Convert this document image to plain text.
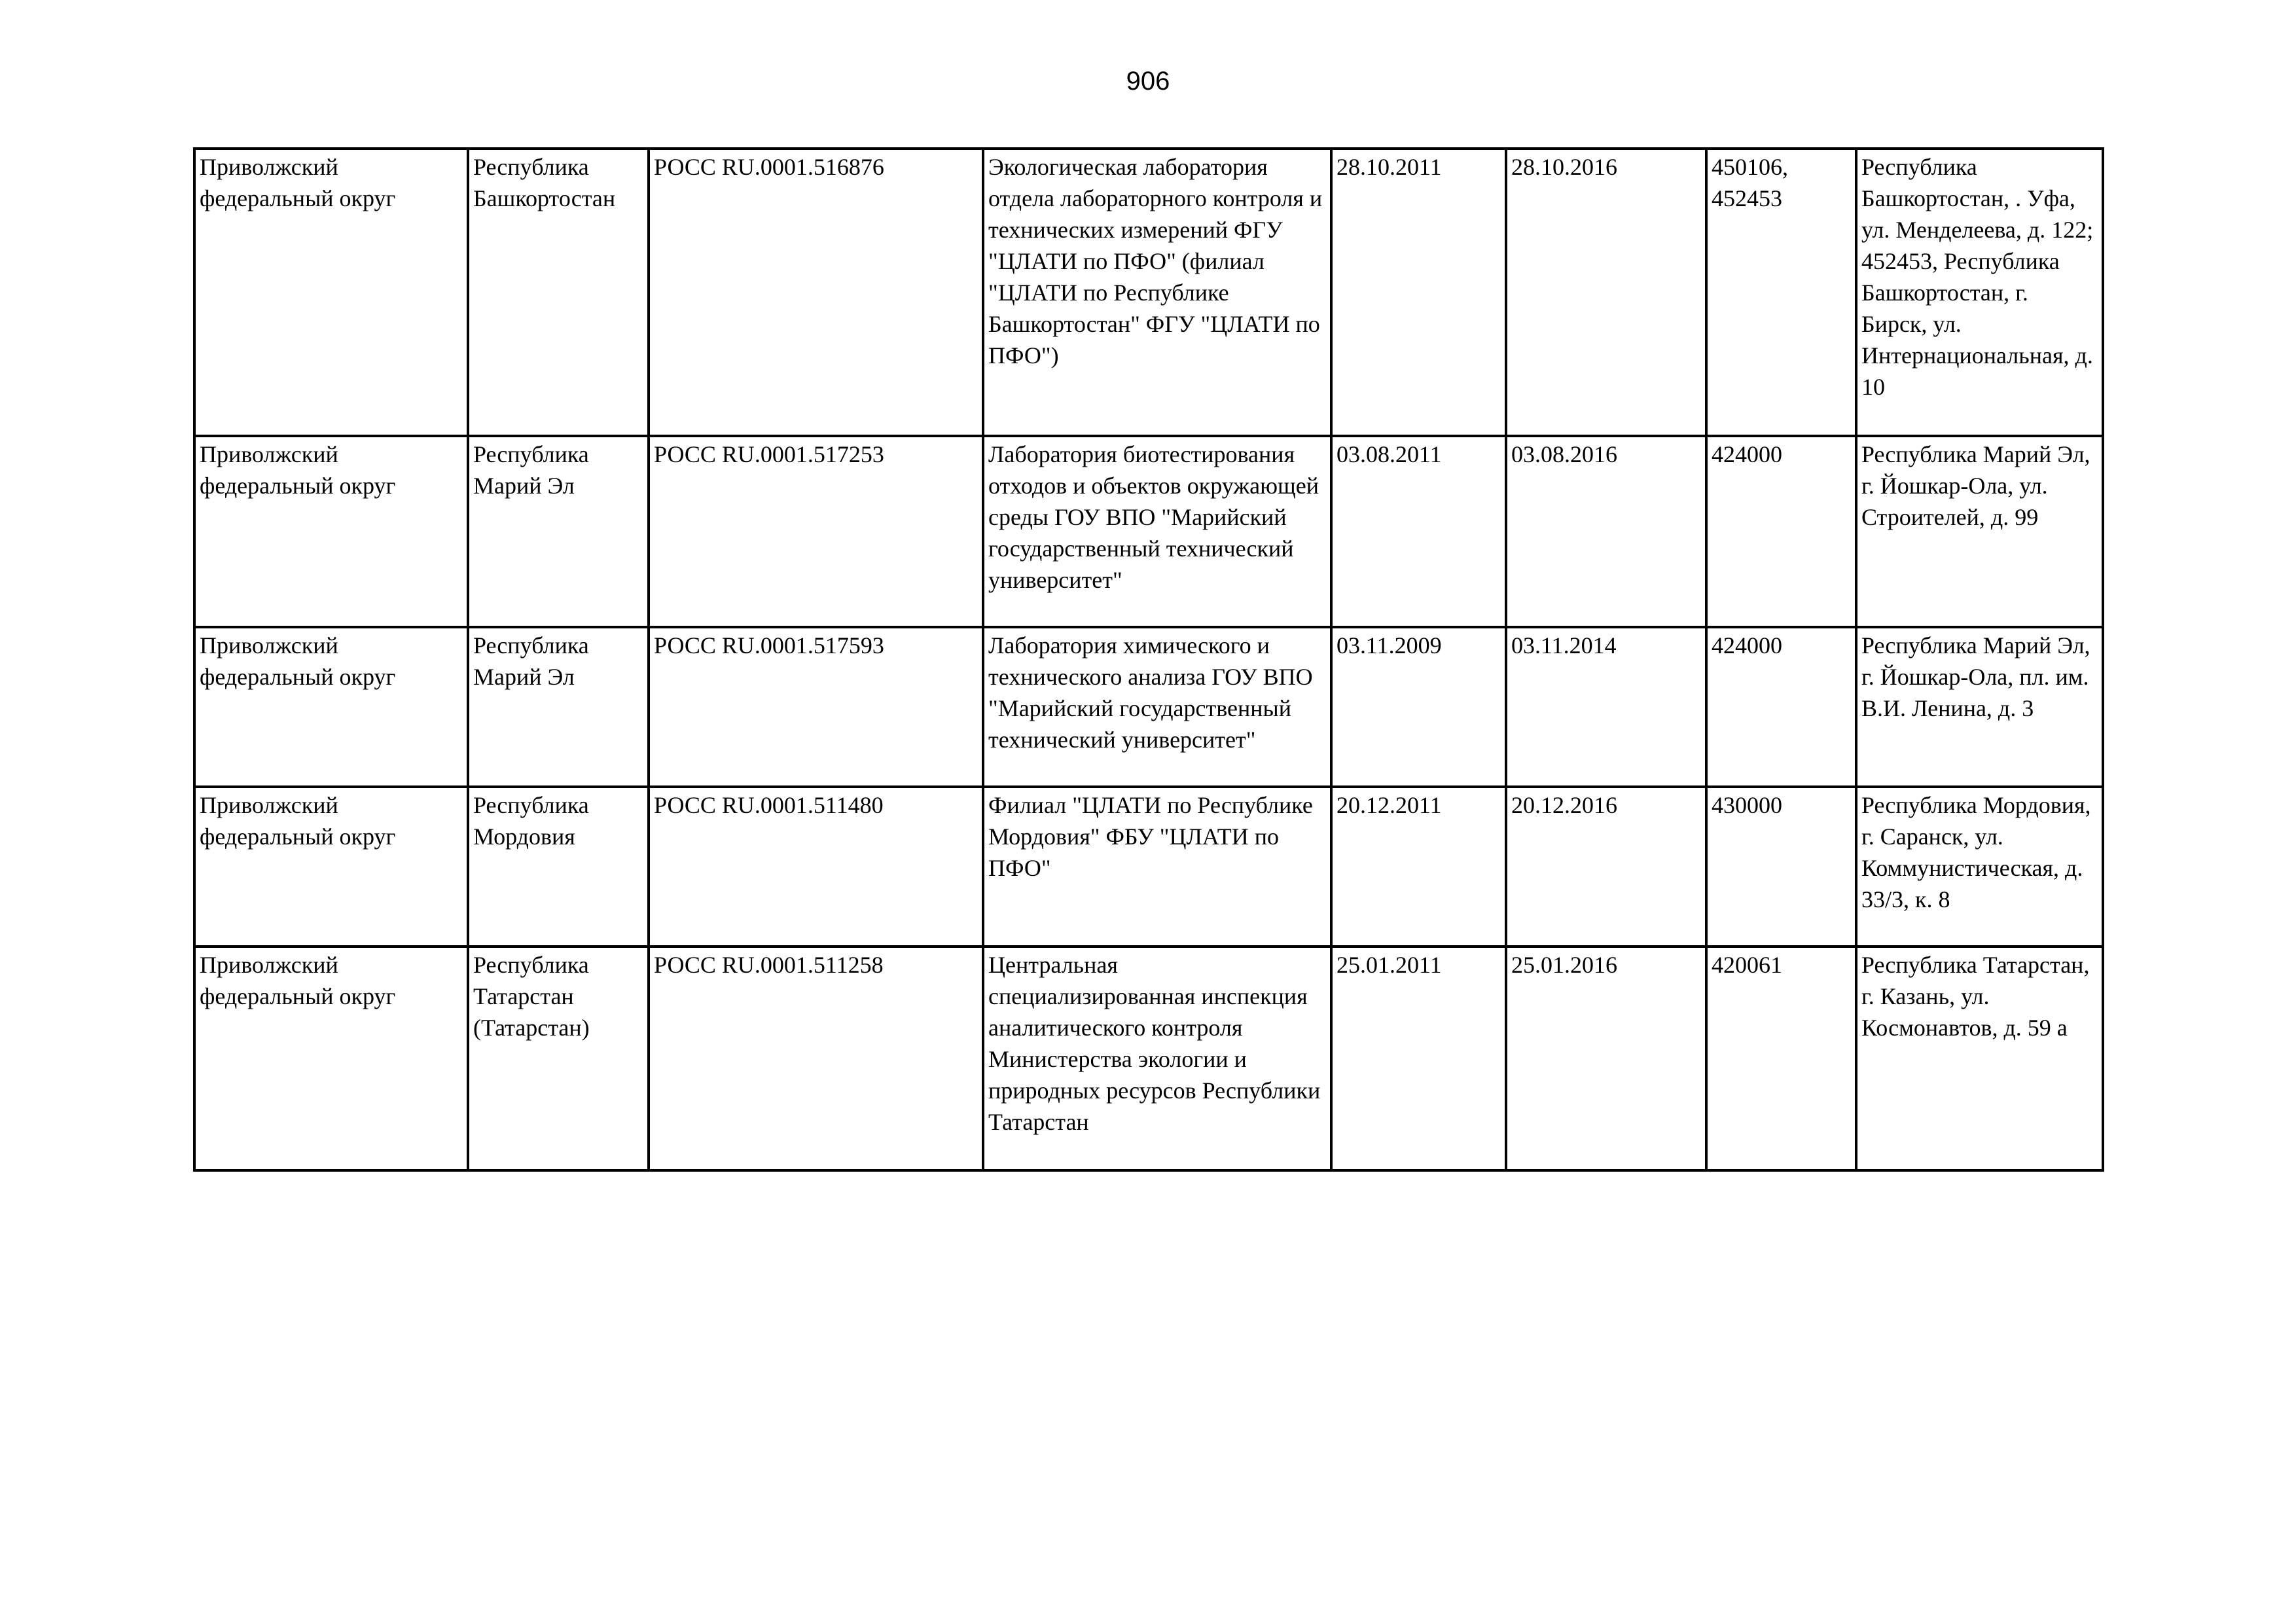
906
Приволжский федеральный округ	Республика Башкортостан	РОСС RU.0001.516876	Экологическая лаборатория отдела лабораторного контроля и технических измерений ФГУ "ЦЛАТИ по ПФО" (филиал "ЦЛАТИ по Республике Башкортостан" ФГУ "ЦЛАТИ по ПФО")	28.10.2011	28.10.2016	450106, 452453	Республика Башкортостан, . Уфа, ул. Менделеева, д. 122; 452453, Республика Башкортостан, г. Бирск, ул. Интернациональная, д. 10
Приволжский федеральный округ	Республика Марий Эл	РОСС RU.0001.517253	Лаборатория биотестирования отходов и объектов окружающей среды ГОУ ВПО "Марийский государственный технический университет"	03.08.2011	03.08.2016	424000	Республика Марий Эл, г. Йошкар-Ола, ул. Строителей, д. 99
Приволжский федеральный округ	Республика Марий Эл	РОСС RU.0001.517593	Лаборатория химического и технического анализа ГОУ ВПО "Марийский государственный технический университет"	03.11.2009	03.11.2014	424000	Республика Марий Эл, г. Йошкар-Ола, пл. им. В.И. Ленина, д. 3
Приволжский федеральный округ	Республика Мордовия	РОСС RU.0001.511480	Филиал "ЦЛАТИ по Республике Мордовия" ФБУ "ЦЛАТИ по ПФО"	20.12.2011	20.12.2016	430000	Республика Мордовия, г. Саранск, ул. Коммунистическая, д. 33/3, к. 8
Приволжский федеральный округ	Республика Татарстан (Татарстан)	РОСС RU.0001.511258	Центральная специализированная инспекция аналитического контроля Министерства экологии и природных ресурсов Республики Татарстан	25.01.2011	25.01.2016	420061	Республика Татарстан, г. Казань, ул. Космонавтов, д. 59 а
